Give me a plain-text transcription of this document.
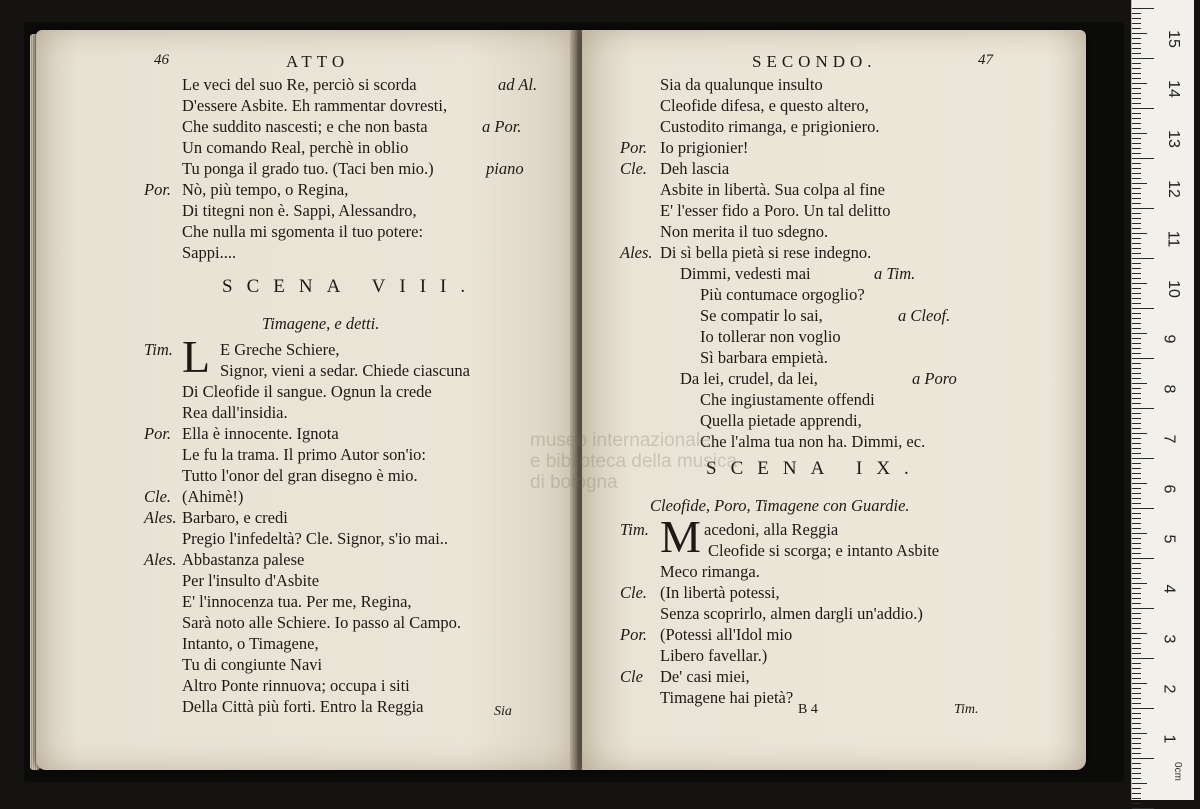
46	ATTO
Le veci del suo Re, perciò si scorda	ad Al.
D'essere Asbite. Eh rammentar dovresti,
Che suddito nascesti; e che non basta	a Por.
Un comando Real, perchè in oblio
Tu ponga il grado tuo. (Taci ben mio.)	piano
Por. Nò, più tempo, o Regina,
Di titegni non è. Sappi, Alessandro,
Che nulla mi sgomenta il tuo potere:
Sappi....
SCENA VIII.
Timagene, e detti.
Tim. L E Greche Schiere,
Signor, vieni a sedar. Chiede ciascuna
Di Cleofide il sangue. Ognun la crede
Rea dall'insidia.
Por. Ella è innocente. Ignota
Le fu la trama. Il primo Autor son'io:
Tutto l'onor del gran disegno è mio.
Cle. (Ahimè!)
Ales. Barbaro, e credi
Pregio l'infedeltà? Cle. Signor, s'io mai..
Ales. Abbastanza palese
Per l'insulto d'Asbite
E' l'innocenza tua. Per me, Regina,
Sarà noto alle Schiere. Io passo al Campo.
Intanto, o Timagene,
Tu di congiunte Navi
Altro Ponte rinnuova; occupa i siti
Della Città più forti. Entro la Reggia	Sia
SECONDO.	47
Sia da qualunque insulto
Cleofide difesa, e questo altero,
Custodito rimanga, e prigioniero.
Por. Io prigionier!
Cle. Deh lascia
Asbite in libertà. Sua colpa al fine
E' l'esser fido a Poro. Un tal delitto
Non merita il tuo sdegno.
Ales. Di sì bella pietà si rese indegno.
Dimmi, vedesti mai	a Tim.
Più contumace orgoglio?
Se compatir lo sai,	a Cleof.
Io tollerar non voglio
Sì barbara empietà.
Da lei, crudel, da lei,	a Poro
Che ingiustamente offendi
Quella pietade apprendi,
Che l'alma tua non ha. Dimmi, ec.
SCENA IX.
Cleofide, Poro, Timagene con Guardie.
Tim. M acedoni, alla Reggia
Cleofide si scorga; e intanto Asbite
Meco rimanga.
Cle. (In libertà potessi,
Senza scoprirlo, almen dargli un'addio.)
Por. (Potessi all'Idol mio
Libero favellar.)
Cle De' casi miei,
Timagene hai pietà?
B 4	Tim.
museo internazionale
e biblioteca della musica
di bologna
15
14
13
12
11
10
9
8
7
6
5
4
3
2
1
0cm
